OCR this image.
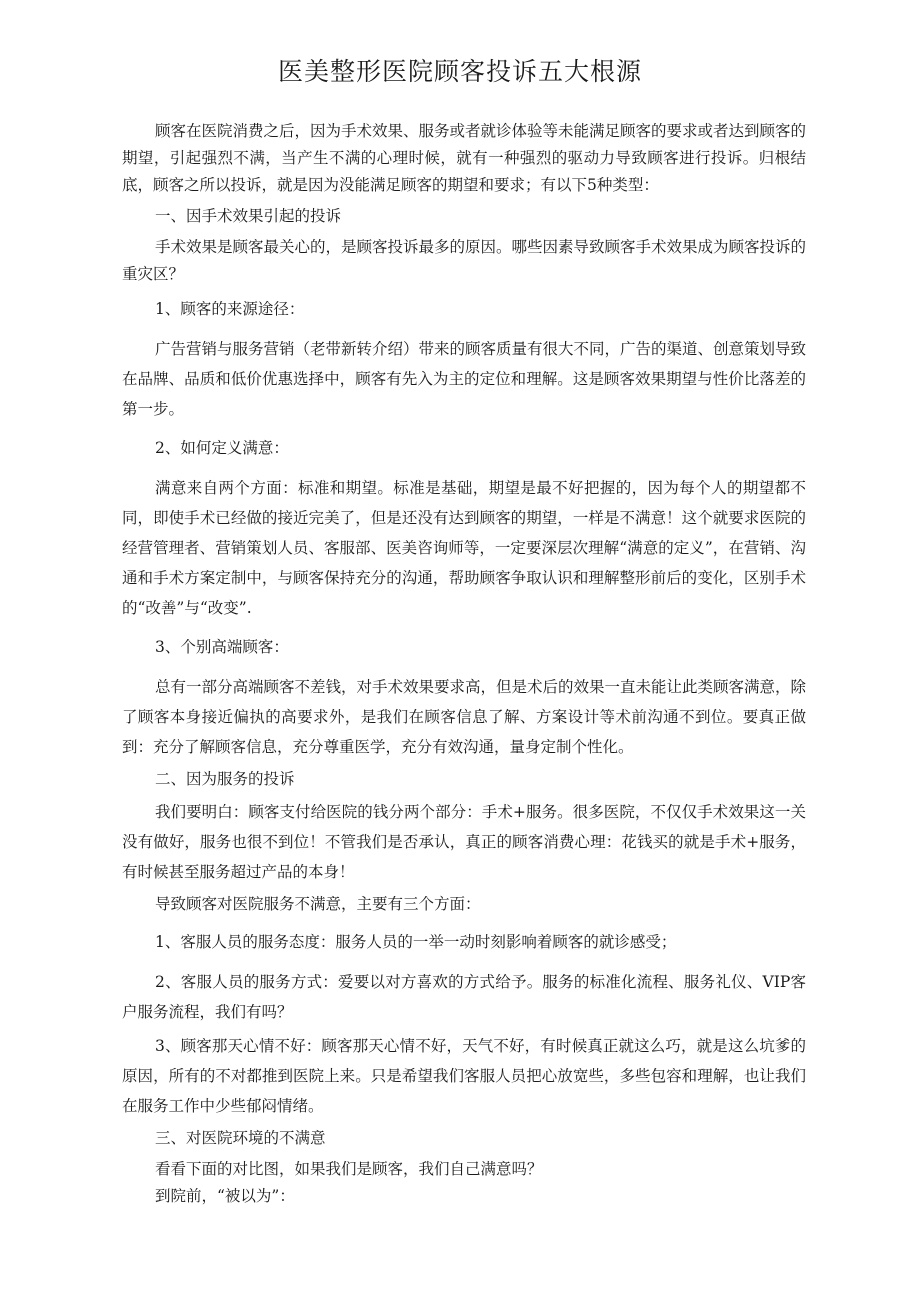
医美整形医院顾客投诉五大根源

顾客在医院消费之后，因为手术效果、服务或者就诊体验等未能满足顾客的要求或者达到顾客的期望，引起强烈不满，当产生不满的心理时候，就有一种强烈的驱动力导致顾客进行投诉。归根结底，顾客之所以投诉，就是因为没能满足顾客的期望和要求；有以下5种类型：

一、因手术效果引起的投诉

手术效果是顾客最关心的，是顾客投诉最多的原因。哪些因素导致顾客手术效果成为顾客投诉的重灾区？

1、顾客的来源途径：

广告营销与服务营销（老带新转介绍）带来的顾客质量有很大不同，广告的渠道、创意策划导致在品牌、品质和低价优惠选择中，顾客有先入为主的定位和理解。这是顾客效果期望与性价比落差的第一步。

2、如何定义满意：

满意来自两个方面：标准和期望。标准是基础，期望是最不好把握的，因为每个人的期望都不同，即使手术已经做的接近完美了，但是还没有达到顾客的期望，一样是不满意！这个就要求医院的经营管理者、营销策划人员、客服部、医美咨询师等，一定要深层次理解“满意的定义”，在营销、沟通和手术方案定制中，与顾客保持充分的沟通，帮助顾客争取认识和理解整形前后的变化，区别手术的“改善”与“改变”.

3、个别高端顾客：

总有一部分高端顾客不差钱，对手术效果要求高，但是术后的效果一直未能让此类顾客满意，除了顾客本身接近偏执的高要求外，是我们在顾客信息了解、方案设计等术前沟通不到位。要真正做到：充分了解顾客信息，充分尊重医学，充分有效沟通，量身定制个性化。

二、因为服务的投诉

我们要明白：顾客支付给医院的钱分两个部分：手术+服务。很多医院，不仅仅手术效果这一关没有做好，服务也很不到位！不管我们是否承认，真正的顾客消费心理：花钱买的就是手术+服务，有时候甚至服务超过产品的本身！

导致顾客对医院服务不满意，主要有三个方面：

1、客服人员的服务态度：服务人员的一举一动时刻影响着顾客的就诊感受；

2、客服人员的服务方式：爱要以对方喜欢的方式给予。服务的标准化流程、服务礼仪、VIP客户服务流程，我们有吗？

3、顾客那天心情不好：顾客那天心情不好，天气不好，有时候真正就这么巧，就是这么坑爹的原因，所有的不对都推到医院上来。只是希望我们客服人员把心放宽些，多些包容和理解，也让我们在服务工作中少些郁闷情绪。

三、对医院环境的不满意

看看下面的对比图，如果我们是顾客，我们自己满意吗？

到院前，“被以为”：
